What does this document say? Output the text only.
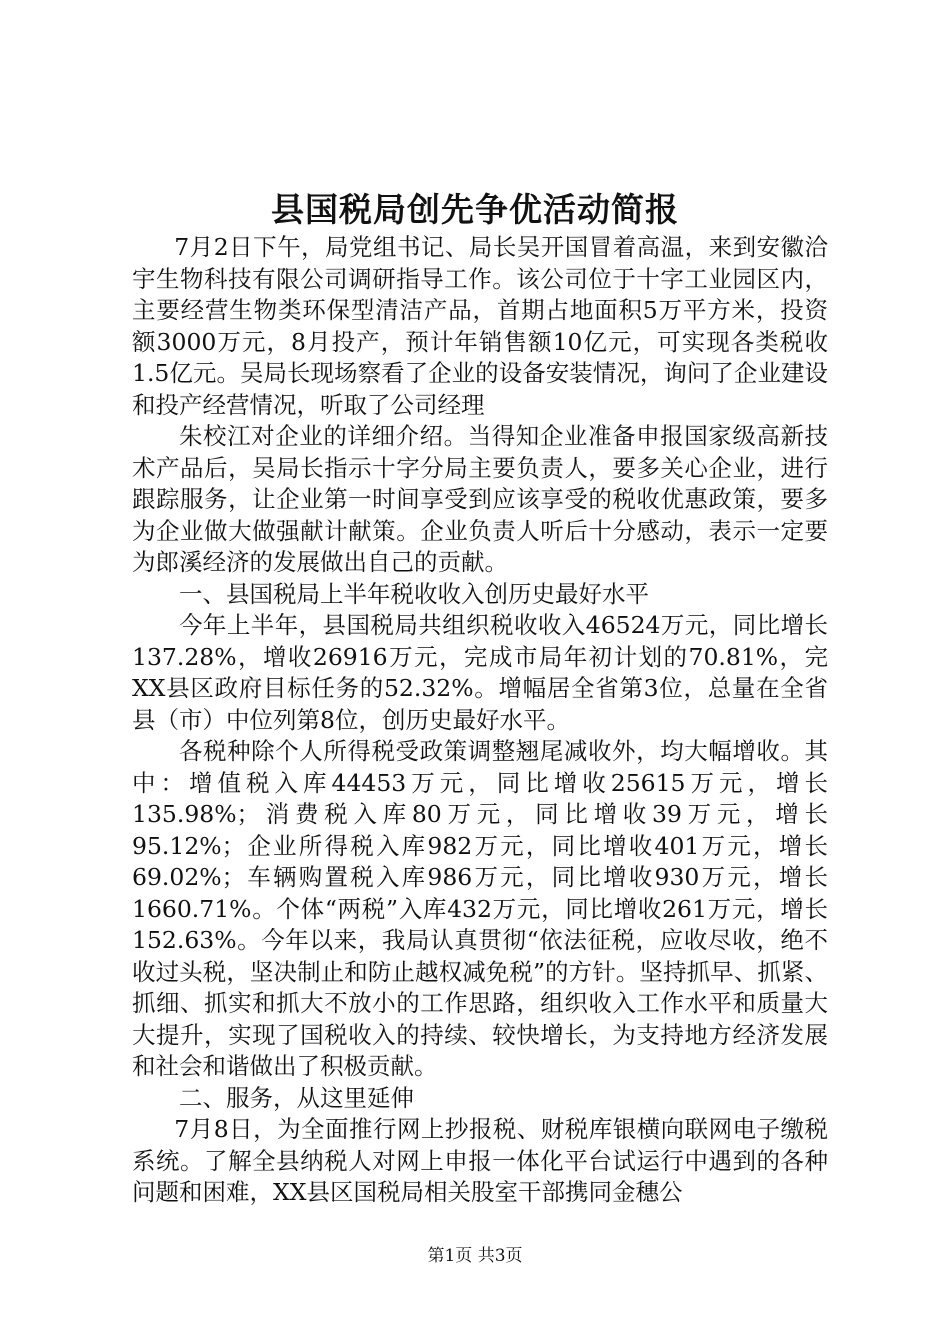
县国税局创先争优活动简报

7月2日下午，局党组书记、局长吴开国冒着高温，来到安徽洽宇生物科技有限公司调研指导工作。该公司位于十字工业园区内，主要经营生物类环保型清洁产品，首期占地面积5万平方米，投资额3000万元，8月投产，预计年销售额10亿元，可实现各类税收1.5亿元。吴局长现场察看了企业的设备安装情况，询问了企业建设和投产经营情况，听取了公司经理

朱校江对企业的详细介绍。当得知企业准备申报国家级高新技术产品后，吴局长指示十字分局主要负责人，要多关心企业，进行跟踪服务，让企业第一时间享受到应该享受的税收优惠政策，要多为企业做大做强献计献策。企业负责人听后十分感动，表示一定要为郎溪经济的发展做出自己的贡献。

一、县国税局上半年税收收入创历史最好水平

今年上半年，县国税局共组织税收收入46524万元，同比增长137.28%，增收26916万元，完成市局年初计划的70.81%，完XX县区政府目标任务的52.32%。增幅居全省第3位，总量在全省县（市）中位列第8位，创历史最好水平。

各税种除个人所得税受政策调整翘尾减收外，均大幅增收。其中：增值税入库44453万元，同比增收25615万元，增长135.98%；消费税入库80万元，同比增收39万元，增长95.12%；企业所得税入库982万元，同比增收401万元，增长69.02%；车辆购置税入库986万元，同比增收930万元，增长1660.71%。个体“两税”入库432万元，同比增收261万元，增长152.63%。今年以来，我局认真贯彻“依法征税，应收尽收，绝不收过头税，坚决制止和防止越权减免税”的方针。坚持抓早、抓紧、抓细、抓实和抓大不放小的工作思路，组织收入工作水平和质量大大提升，实现了国税收入的持续、较快增长，为支持地方经济发展和社会和谐做出了积极贡献。

二、服务，从这里延伸

7月8日，为全面推行网上抄报税、财税库银横向联网电子缴税系统。了解全县纳税人对网上申报一体化平台试运行中遇到的各种问题和困难，XX县区国税局相关股室干部携同金穗公

第1页 共3页
